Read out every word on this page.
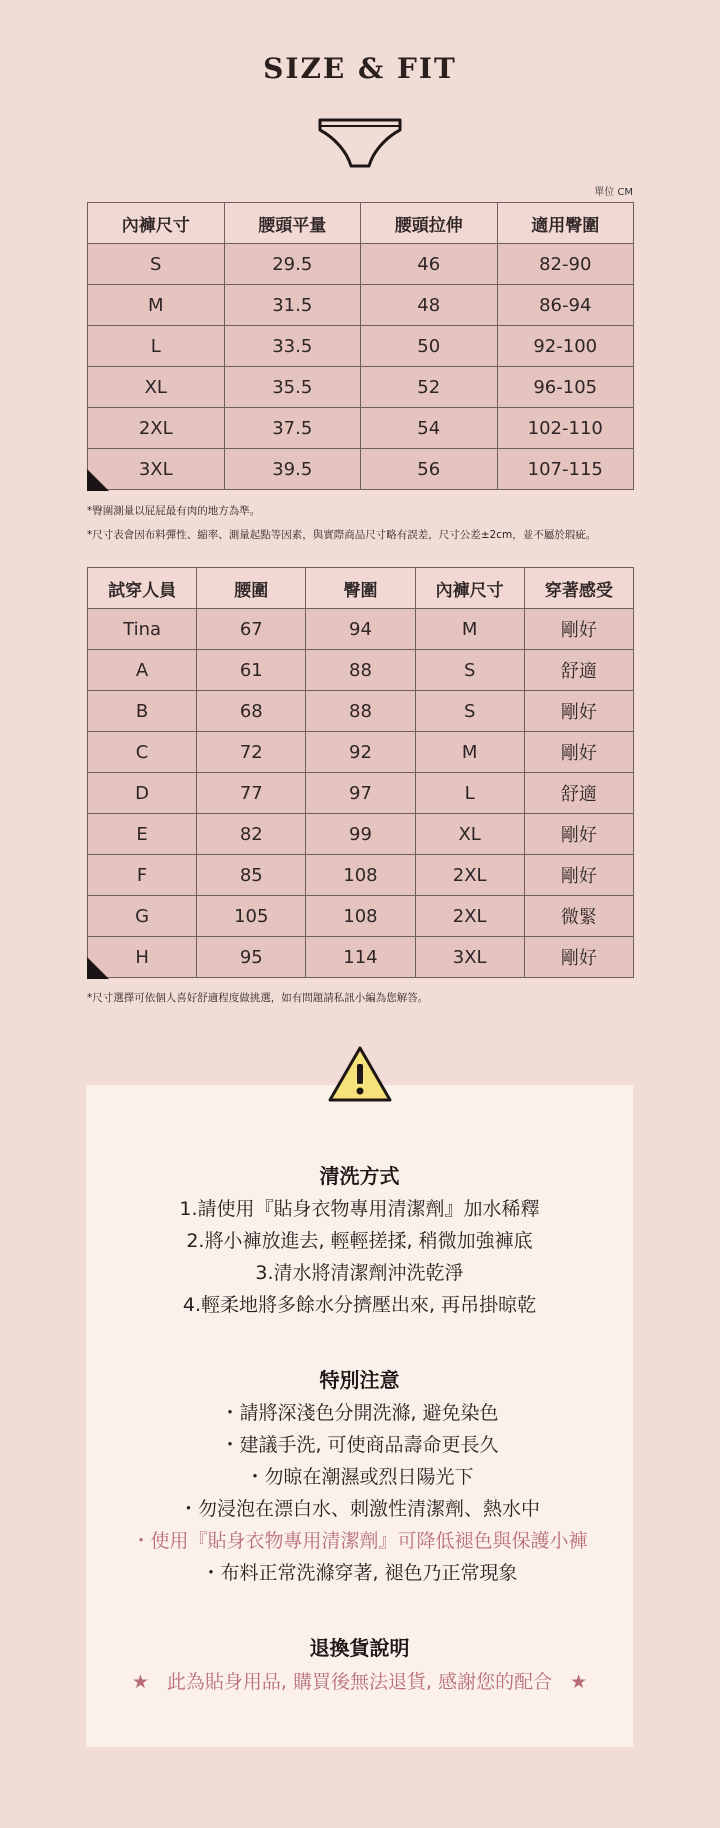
SIZE & FIT
單位 CM
內褲尺寸	腰頭平量	腰頭拉伸	適用臀圍
S	29.5	46	82-90
M	31.5	48	86-94
L	33.5	50	92-100
XL	35.5	52	96-105
2XL	37.5	54	102-110
3XL	39.5	56	107-115
*臀圍測量以屁屁最有肉的地方為準。
*尺寸表會因布料彈性、縮率、測量起點等因素，與實際商品尺寸略有誤差，尺寸公差±2cm，並不屬於瑕疵。
試穿人員	腰圍	臀圍	內褲尺寸	穿著感受
Tina	67	94	M	剛好
A	61	88	S	舒適
B	68	88	S	剛好
C	72	92	M	剛好
D	77	97	L	舒適
E	82	99	XL	剛好
F	85	108	2XL	剛好
G	105	108	2XL	微緊
H	95	114	3XL	剛好
*尺寸選擇可依個人喜好舒適程度做挑選，如有問題請私訊小編為您解答。
清洗方式
1.請使用『貼身衣物專用清潔劑』加水稀釋
2.將小褲放進去, 輕輕搓揉, 稍微加強褲底
3.清水將清潔劑沖洗乾淨
4.輕柔地將多餘水分擠壓出來, 再吊掛晾乾
特別注意
・請將深淺色分開洗滌, 避免染色
・建議手洗, 可使商品壽命更長久
・勿晾在潮濕或烈日陽光下
・勿浸泡在漂白水、刺激性清潔劑、熱水中
・使用『貼身衣物專用清潔劑』可降低褪色與保護小褲
・布料正常洗滌穿著, 褪色乃正常現象
退換貨說明
★ 此為貼身用品, 購買後無法退貨, 感謝您的配合 ★
